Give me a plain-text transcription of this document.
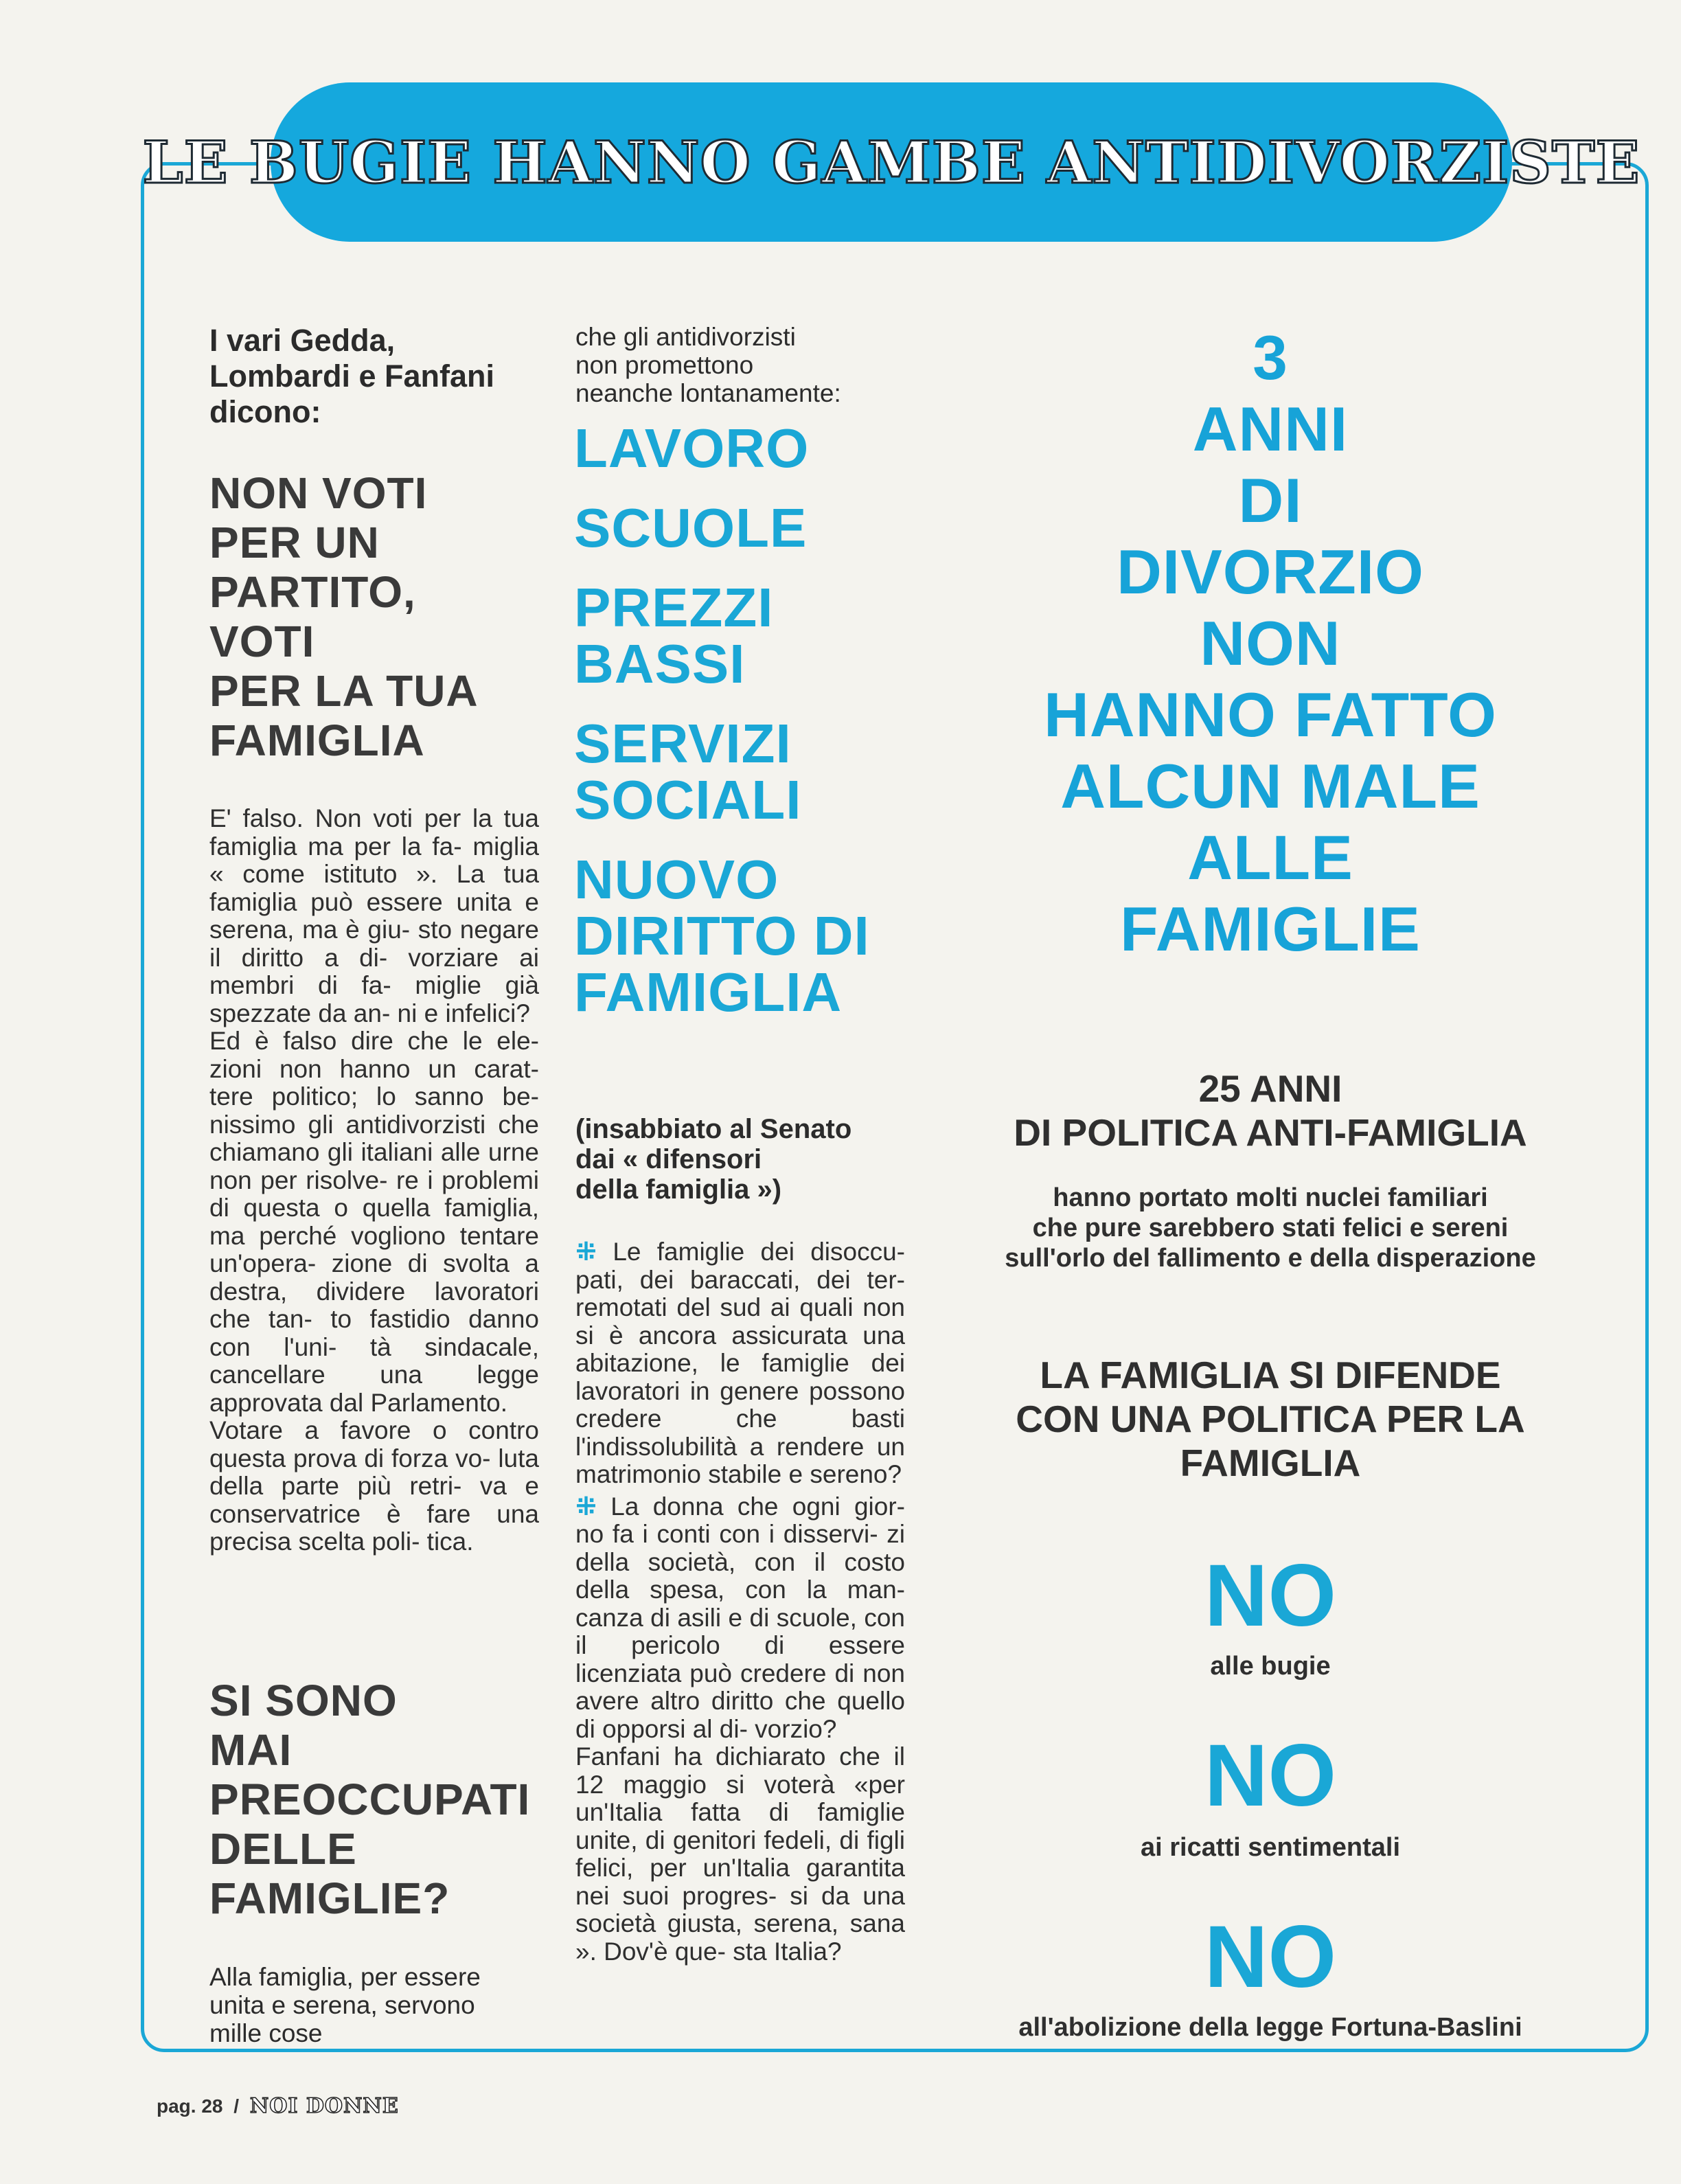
LE BUGIE HANNO GAMBE ANTIDIVORZISTE
I vari Gedda,
Lombardi e Fanfani
dicono:
NON VOTI
PER UN
PARTITO,
VOTI
PER LA TUA
FAMIGLIA

E' falso. Non voti per la tua famiglia ma per la fa- miglia « come istituto ». La tua famiglia può essere unita e serena, ma è giu- sto negare il diritto a di- vorziare ai membri di fa- miglie già spezzate da an- ni e infelici?

Ed è falso dire che le ele- zioni non hanno un carat- tere politico; lo sanno be- nissimo gli antidivorzisti che chiamano gli italiani alle urne non per risolve- re i problemi di questa o quella famiglia, ma perché vogliono tentare un'opera- zione di svolta a destra, dividere lavoratori che tan- to fastidio danno con l'uni- tà sindacale, cancellare una legge approvata dal Parlamento.

Votare a favore o contro questa prova di forza vo- luta della parte più retri- va e conservatrice è fare una precisa scelta poli- tica.

SI SONO
MAI
PREOCCUPATI
DELLE
FAMIGLIE?
Alla famiglia, per essere unita e serena, servono mille cose
che gli antidivorzisti
non promettono
neanche lontanamente:
LAVORO
SCUOLE
PREZZI BASSI
SERVIZI SOCIALI
NUOVO DIRITTO DI FAMIGLIA
(insabbiato al Senato
dai « difensori
della famiglia »)

⁜ Le famiglie dei disoccu- pati, dei baraccati, dei ter- remotati del sud ai quali non si è ancora assicurata una abitazione, le famiglie dei lavoratori in genere possono credere che basti l'indissolubilità a rendere un matrimonio stabile e sereno?

⁜ La donna che ogni gior- no fa i conti con i disservi- zi della società, con il costo della spesa, con la man- canza di asili e di scuole, con il pericolo di essere licenziata può credere di non avere altro diritto che quello di opporsi al di- vorzio?

Fanfani ha dichiarato che il 12 maggio si voterà «per un'Italia fatta di famiglie unite, di genitori fedeli, di figli felici, per un'Italia garantita nei suoi progres- si da una società giusta, serena, sana ». Dov'è que- sta Italia?

3
ANNI
DI
DIVORZIO
NON
HANNO FATTO
ALCUN MALE
ALLE
FAMIGLIE
25 ANNI
DI POLITICA ANTI-FAMIGLIA
hanno portato molti nuclei familiari
che pure sarebbero stati felici e sereni
sull'orlo del fallimento e della disperazione
LA FAMIGLIA SI DIFENDE
CON UNA POLITICA PER LA
FAMIGLIA
NO
alle bugie
NO
ai ricatti sentimentali
NO
all'abolizione della legge Fortuna-Baslini
pag. 28 / NOI DONNE
